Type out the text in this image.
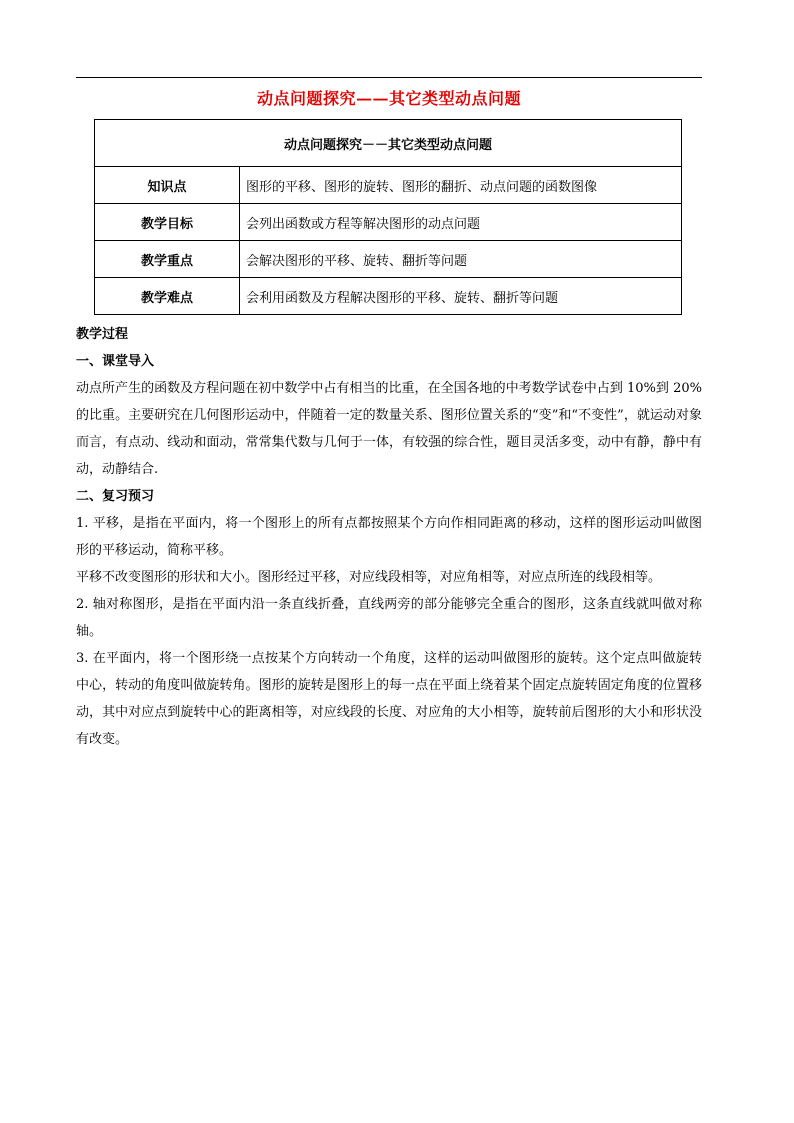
动点问题探究——其它类型动点问题
动点问题探究－－其它类型动点问题	
知识点	图形的平移、图形的旋转、图形的翻折、动点问题的函数图像
教学目标	会列出函数或方程等解决图形的动点问题
教学重点	会解决图形的平移、旋转、翻折等问题
教学难点	会利用函数及方程解决图形的平移、旋转、翻折等问题

教学过程

一、课堂导入

动点所产生的函数及方程问题在初中数学中占有相当的比重，在全国各地的中考数学试卷中占到 10%到 20%的比重。主要研究在几何图形运动中，伴随着一定的数量关系、图形位置关系的“变”和“不变性”，就运动对象而言，有点动、线动和面动，常常集代数与几何于一体，有较强的综合性，题目灵活多变，动中有静，静中有动，动静结合.

二、复习预习

1. 平移，是指在平面内，将一个图形上的所有点都按照某个方向作相同距离的移动，这样的图形运动叫做图形的平移运动，简称平移。

平移不改变图形的形状和大小。图形经过平移，对应线段相等，对应角相等，对应点所连的线段相等。

2. 轴对称图形，是指在平面内沿一条直线折叠，直线两旁的部分能够完全重合的图形，这条直线就叫做对称轴。

3. 在平面内，将一个图形绕一点按某个方向转动一个角度，这样的运动叫做图形的旋转。这个定点叫做旋转中心，转动的角度叫做旋转角。图形的旋转是图形上的每一点在平面上绕着某个固定点旋转固定角度的位置移动，其中对应点到旋转中心的距离相等，对应线段的长度、对应角的大小相等，旋转前后图形的大小和形状没有改变。
